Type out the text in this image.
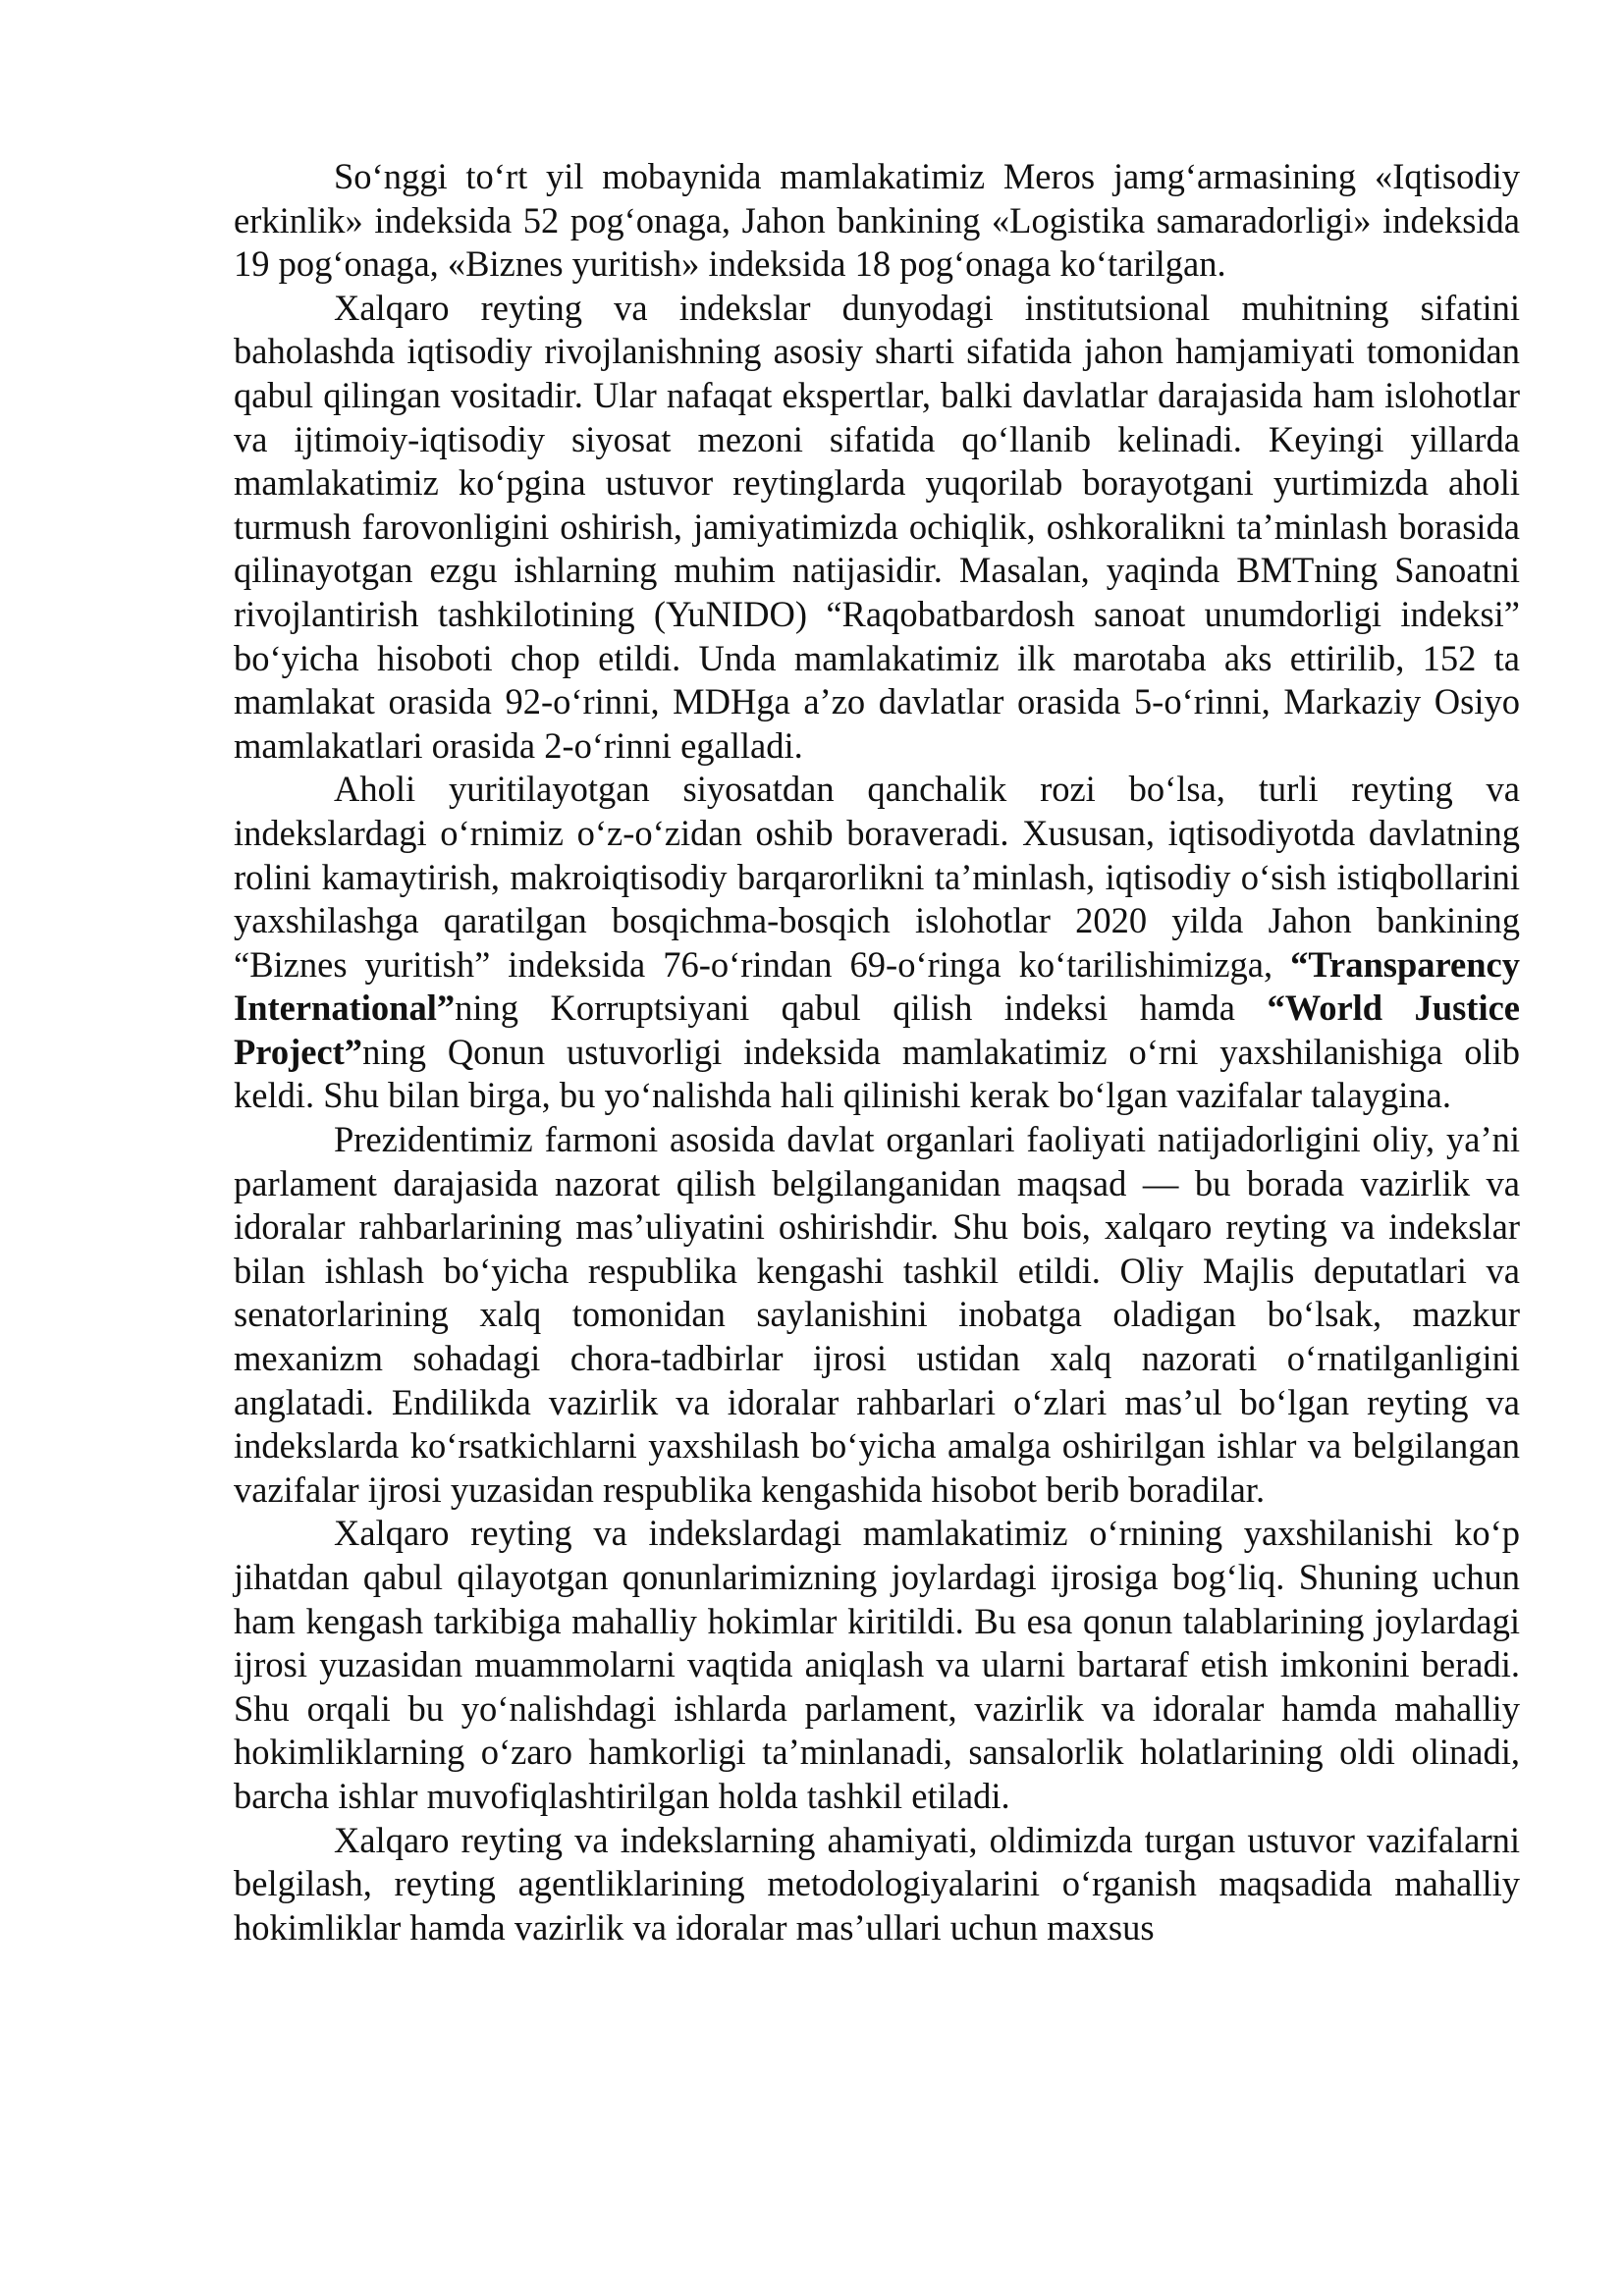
So‘nggi to‘rt yil mobaynida mamlakatimiz Meros jamg‘armasining «Iqtisodiy erkinlik» indeksida 52 pog‘onaga, Jahon bankining «Logistika samaradorligi» indeksida 19 pog‘onaga, «Biznes yuritish» indeksida 18 pog‘onaga ko‘tarilgan.

Xalqaro reyting va indekslar dunyodagi institutsional muhitning sifatini baholashda iqtisodiy rivojlanishning asosiy sharti sifatida jahon hamjamiyati tomonidan qabul qilingan vositadir. Ular nafaqat ekspertlar, balki davlatlar darajasida ham islohotlar va ijtimoiy-iqtisodiy siyosat mezoni sifatida qo‘llanib kelinadi. Keyingi yillarda mamlakatimiz ko‘pgina ustuvor reytinglarda yuqorilab borayotgani yurtimizda aholi turmush farovonligini oshirish, jamiyatimizda ochiqlik, oshkoralikni ta’minlash borasida qilinayotgan ezgu ishlarning muhim natijasidir. Masalan, yaqinda BMTning Sanoatni rivojlantirish tashkilotining (YuNIDO) “Raqobatbardosh sanoat unumdorligi indeksi” bo‘yicha hisoboti chop etildi. Unda mamlakatimiz ilk marotaba aks ettirilib, 152 ta mamlakat orasida 92-o‘rinni, MDHga a’zo davlatlar orasida 5-o‘rinni, Markaziy Osiyo mamlakatlari orasida 2-o‘rinni egalladi.

Aholi yuritilayotgan siyosatdan qanchalik rozi bo‘lsa, turli reyting va indekslardagi o‘rnimiz o‘z-o‘zidan oshib boraveradi. Xususan, iqtisodiyotda davlatning rolini kamaytirish, makroiqtisodiy barqarorlikni ta’minlash, iqtisodiy o‘sish istiqbollarini yaxshilashga qaratilgan bosqichma-bosqich islohotlar 2020 yilda Jahon bankining “Biznes yuritish” indeksida 76-o‘rindan 69-o‘ringa ko‘tarilishimizga, “Transparency International”ning Korruptsiyani qabul qilish indeksi hamda “World Justice Project”ning Qonun ustuvorligi indeksida mamlakatimiz o‘rni yaxshilanishiga olib keldi. Shu bilan birga, bu yo‘nalishda hali qilinishi kerak bo‘lgan vazifalar talaygina.

Prezidentimiz farmoni asosida davlat organlari faoliyati natijadorligini oliy, ya’ni parlament darajasida nazorat qilish belgilanganidan maqsad — bu borada vazirlik va idoralar rahbarlarining mas’uliyatini oshirishdir. Shu bois, xalqaro reyting va indekslar bilan ishlash bo‘yicha respublika kengashi tashkil etildi. Oliy Majlis deputatlari va senatorlarining xalq tomonidan saylanishini inobatga oladigan bo‘lsak, mazkur mexanizm sohadagi chora-tadbirlar ijrosi ustidan xalq nazorati o‘rnatilganligini anglatadi. Endilikda vazirlik va idoralar rahbarlari o‘zlari mas’ul bo‘lgan reyting va indekslarda ko‘rsatkichlarni yaxshilash bo‘yicha amalga oshirilgan ishlar va belgilangan vazifalar ijrosi yuzasidan respublika kengashida hisobot berib boradilar.

Xalqaro reyting va indekslardagi mamlakatimiz o‘rnining yaxshilanishi ko‘p jihatdan qabul qilayotgan qonunlarimizning joylardagi ijrosiga bog‘liq. Shuning uchun ham kengash tarkibiga mahalliy hokimlar kiritildi. Bu esa qonun talablarining joylardagi ijrosi yuzasidan muammolarni vaqtida aniqlash va ularni bartaraf etish imkonini beradi. Shu orqali bu yo‘nalishdagi ishlarda parlament, vazirlik va idoralar hamda mahalliy hokimliklarning o‘zaro hamkorligi ta’minlanadi, sansalorlik holatlarining oldi olinadi, barcha ishlar muvofiqlashtirilgan holda tashkil etiladi.

Xalqaro reyting va indekslarning ahamiyati, oldimizda turgan ustuvor vazifalarni belgilash, reyting agentliklarining metodologiyalarini o‘rganish maqsadida mahalliy hokimliklar hamda vazirlik va idoralar mas’ullari uchun maxsus
